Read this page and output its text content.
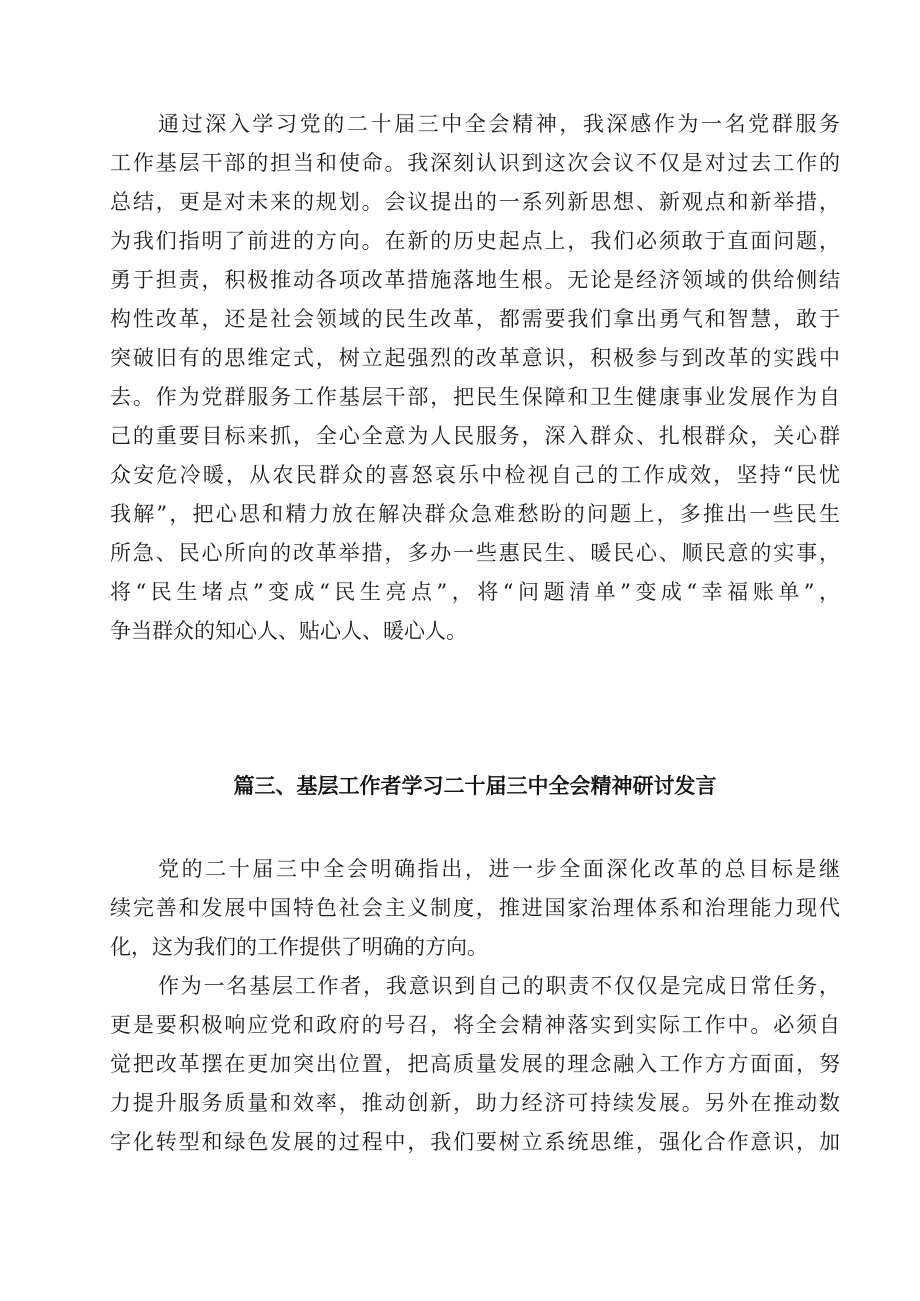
通过深入学习党的二十届三中全会精神，我深感作为一名党群服务
工作基层干部的担当和使命。我深刻认识到这次会议不仅是对过去工作的
总结，更是对未来的规划。会议提出的一系列新思想、新观点和新举措，
为我们指明了前进的方向。在新的历史起点上，我们必须敢于直面问题，
勇于担责，积极推动各项改革措施落地生根。无论是经济领域的供给侧结
构性改革，还是社会领域的民生改革，都需要我们拿出勇气和智慧，敢于
突破旧有的思维定式，树立起强烈的改革意识，积极参与到改革的实践中
去。作为党群服务工作基层干部，把民生保障和卫生健康事业发展作为自
己的重要目标来抓，全心全意为人民服务，深入群众、扎根群众，关心群
众安危冷暖，从农民群众的喜怒哀乐中检视自己的工作成效，坚持“民忧
我解”，把心思和精力放在解决群众急难愁盼的问题上，多推出一些民生
所急、民心所向的改革举措，多办一些惠民生、暖民心、顺民意的实事，
将“民生堵点”变成“民生亮点”，将“问题清单”变成“幸福账单”，
争当群众的知心人、贴心人、暖心人。
篇三、基层工作者学习二十届三中全会精神研讨发言
党的二十届三中全会明确指出，进一步全面深化改革的总目标是继
续完善和发展中国特色社会主义制度，推进国家治理体系和治理能力现代
化，这为我们的工作提供了明确的方向。
作为一名基层工作者，我意识到自己的职责不仅仅是完成日常任务，
更是要积极响应党和政府的号召，将全会精神落实到实际工作中。必须自
觉把改革摆在更加突出位置，把高质量发展的理念融入工作方方面面，努
力提升服务质量和效率，推动创新，助力经济可持续发展。另外在推动数
字化转型和绿色发展的过程中，我们要树立系统思维，强化合作意识，加
